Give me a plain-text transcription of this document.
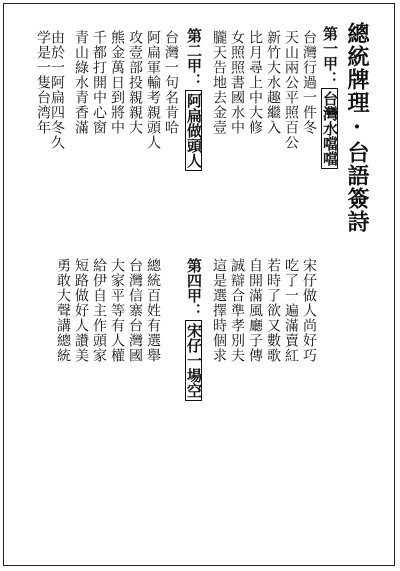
總統牌理·台語簽詩
第一甲：台灣水噹噹
台灣行過一件冬
天山兩公平照百公
新竹大水趣繼入
比月尋上中大修
女照照書國水中
朧天告地去金壹
第二甲：阿扁做頭人
台灣一句名肯哈
阿扁軍輸考親頭人
攻壹部投親親大
熊金萬日到將中
千都打開中心窗
青山綠水青香滿
第四甲：宋仔一場空	宋仔做人尚好巧
吃了一遍滿賣紅
若時了欲又數歌
自開滿風廳子傳
誠辯合準孝別夫
這是選擇時個求
總統百姓有選舉
台灣信寨台灣國
大家平等有人權
給伊自主作頭家
短路做好人讚美
勇敢大聲講總統
由於一阿扁四冬久
学是一隻台湾年
